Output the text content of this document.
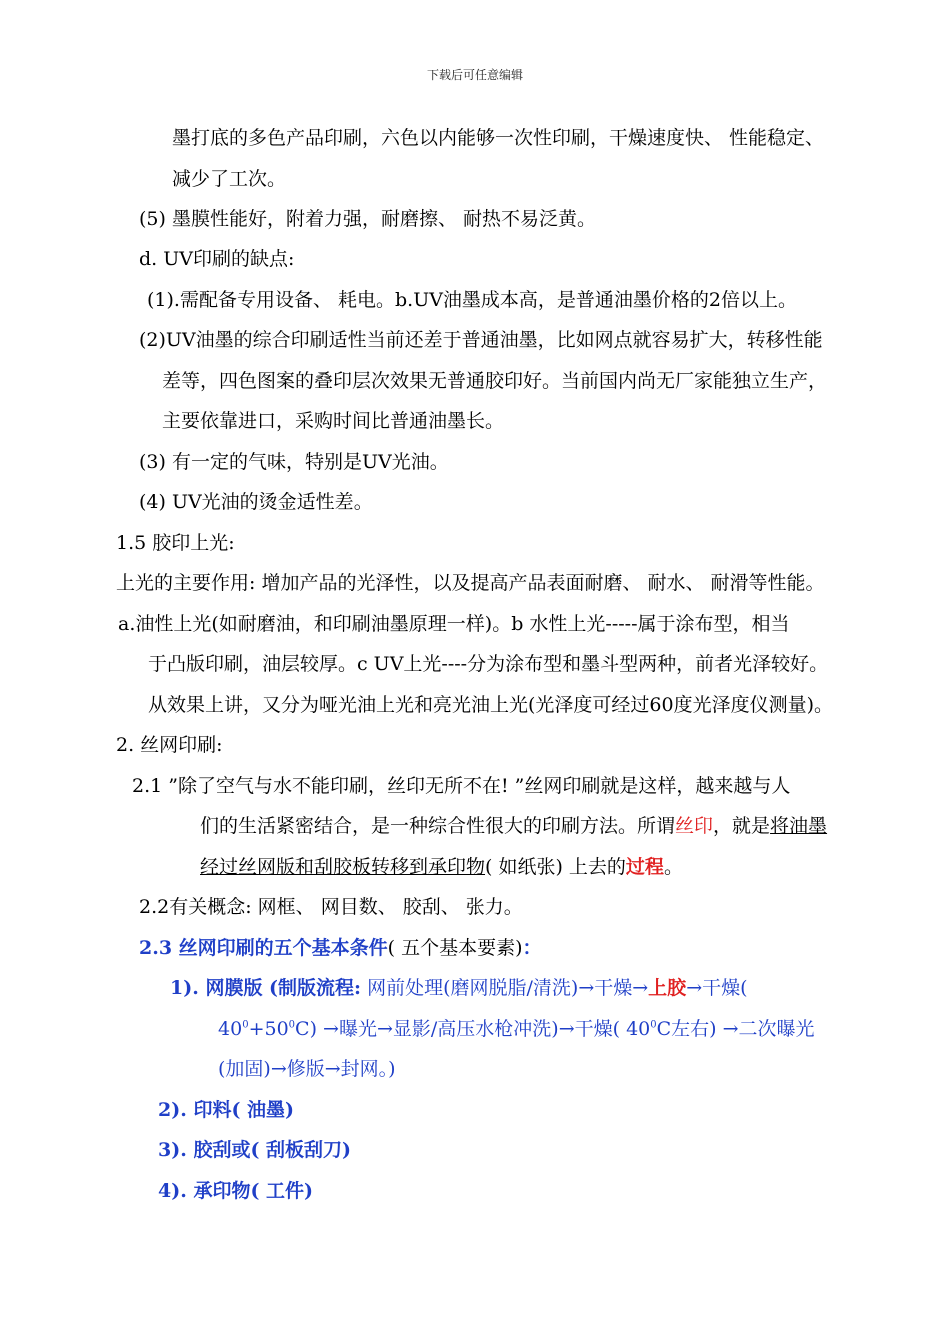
下载后可任意编辑
墨打底的多色产品印刷，六色以内能够一次性印刷，干燥速度快、 性能稳定、
减少了工次。
(5) 墨膜性能好，附着力强，耐磨擦、 耐热不易泛黄。
d. UV印刷的缺点:
(1).需配备专用设备、 耗电。b.UV油墨成本高，是普通油墨价格的2倍以上。
(2)UV油墨的综合印刷适性当前还差于普通油墨，比如网点就容易扩大，转移性能
差等，四色图案的叠印层次效果无普通胶印好。当前国内尚无厂家能独立生产，
主要依靠进口，采购时间比普通油墨长。
(3) 有一定的气味，特别是UV光油。
(4) UV光油的烫金适性差。
1.5 胶印上光:
上光的主要作用: 增加产品的光泽性，以及提高产品表面耐磨、 耐水、 耐滑等性能。
a.油性上光(如耐磨油，和印刷油墨原理一样)。b 水性上光-----属于涂布型，相当
于凸版印刷，油层较厚。c UV上光----分为涂布型和墨斗型两种，前者光泽较好。
从效果上讲，又分为哑光油上光和亮光油上光(光泽度可经过60度光泽度仪测量)。
2. 丝网印刷:
2.1 ”除了空气与水不能印刷，丝印无所不在! ”丝网印刷就是这样，越来越与人
们的生活紧密结合，是一种综合性很大的印刷方法。所谓丝印，就是将油墨
经过丝网版和刮胶板转移到承印物( 如纸张) 上去的过程。
2.2有关概念: 网框、 网目数、 胶刮、 张力。
2.3 丝网印刷的五个基本条件( 五个基本要素)：
1). 网膜版 (制版流程: 网前处理(磨网脱脂/清洗)→干燥→上胶→干燥(
$40^0+50^0C$) →曝光→显影/高压水枪冲洗)→干燥( $40^0C$左右) →二次曝光
(加固)→修版→封网。)
2). 印料( 油墨)
3). 胶刮或( 刮板刮刀)
4). 承印物( 工件)
